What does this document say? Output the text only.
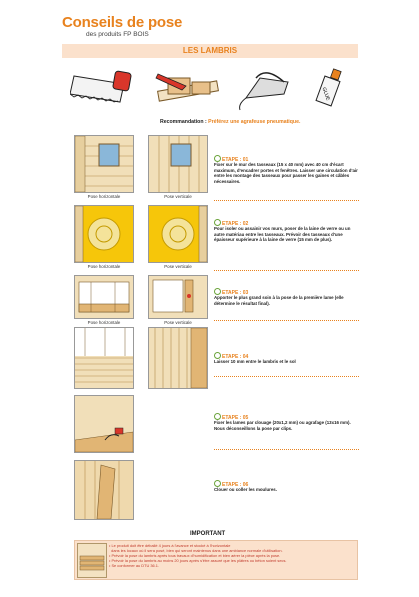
Conseils de pose
des produits FP BOIS
LES LAMBRIS
GLUE
Recommandation : Préférez une agrafeuse pneumatique.
Pose horizontale	Pose verticale
ETAPE : 01
Fixer sur le mur des tasseaux (15 x 40 mm) avec 40 cm d'écart maximum, d'encadrer portes et fenêtres. Laisser une circulation d'air entre les montage des tasseaux pour passer les gaines et câbles nécessaires.
Pose horizontale	Pose verticale
ETAPE : 02
Pour isoler ou assainir vos murs, poser de la laine de verre ou un autre matériau entre les tasseaux. Prévoir des tasseaux d'une épaisseur supérieure à la laine de verre (15 mm de plus).
Pose horizontale	Pose verticale
ETAPE : 03
Apporter le plus grand soin à la pose de la première lame (elle détermine le résultat final).
ETAPE : 04
Laisser 10 mm entre le lambris et le sol
ETAPE : 05
Fixer les lames par clouage (20x1,2 mm) ou agrafage (13x16 mm). Nous déconseillons la pose par clips.
ETAPE : 06
Clouer ou coller les moulures.
IMPORTANT
• Le produit doit être déballé 4 jours à l'avance et stocké à l'horizontale
dans les locaux où il sera posé, bien qui seront maintenus dans une ambiance normale d'utilisation.
• Prévoir la pose du lambris après tous travaux d'humidification et bien aérer la pièce après la pose.
• Prévoir la pose du lambris au moins 20 jours après s'être assuré que les plâtres ou béton soient secs.
• Se conformer au DTU 36.1.
